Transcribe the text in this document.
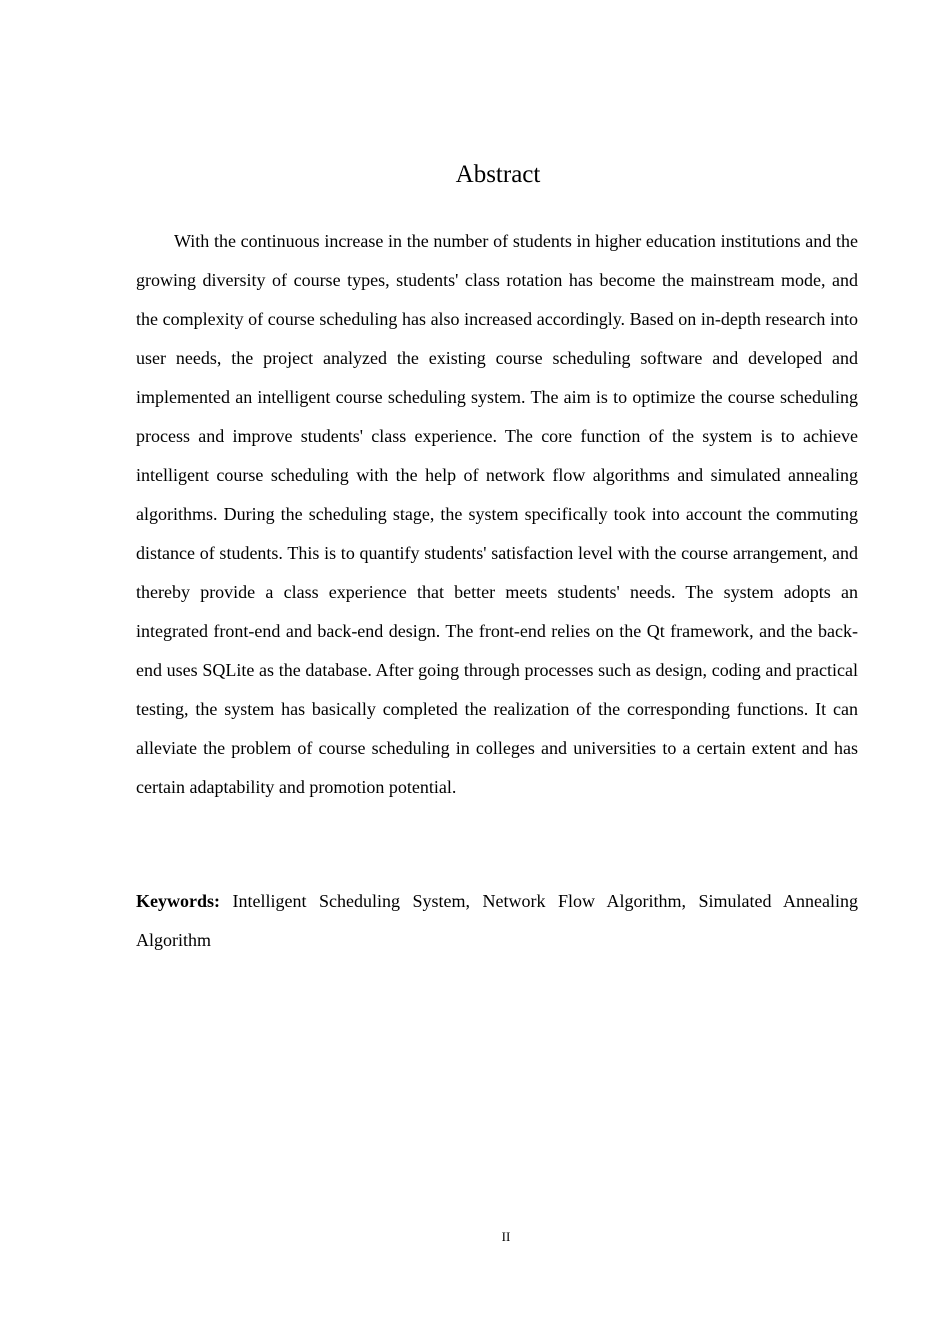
Abstract

With the continuous increase in the number of students in higher education institutions and the growing diversity of course types, students' class rotation has become the mainstream mode, and the complexity of course scheduling has also increased accordingly. Based on in-depth research into user needs, the project analyzed the existing course scheduling software and developed and implemented an intelligent course scheduling system. The aim is to optimize the course scheduling process and improve students' class experience. The core function of the system is to achieve intelligent course scheduling with the help of network flow algorithms and simulated annealing algorithms. During the scheduling stage, the system specifically took into account the commuting distance of students. This is to quantify students' satisfaction level with the course arrangement, and thereby provide a class experience that better meets students' needs. The system adopts an integrated front-end and back-end design. The front-end relies on the Qt framework, and the back-end uses SQLite as the database. After going through processes such as design, coding and practical testing, the system has basically completed the realization of the corresponding functions. It can alleviate the problem of course scheduling in colleges and universities to a certain extent and has certain adaptability and promotion potential.

Keywords: Intelligent Scheduling System, Network Flow Algorithm, Simulated Annealing Algorithm
II
